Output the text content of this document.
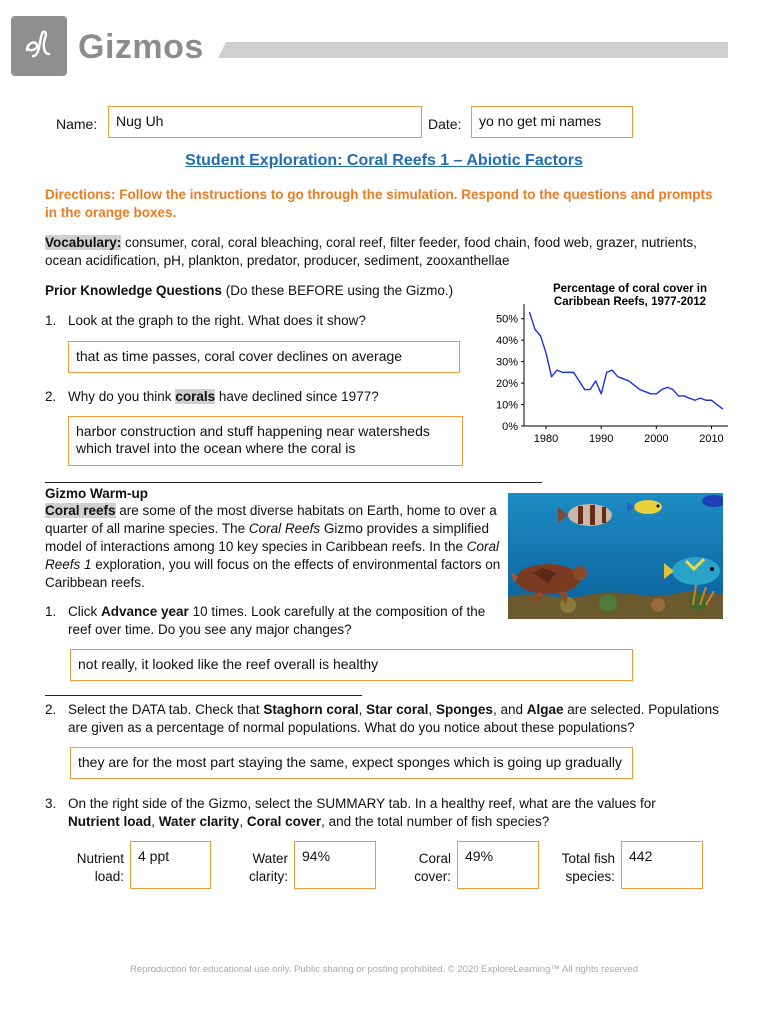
Gizmos
Name:	Nug Uh	Date:	yo no get mi names
Student Exploration: Coral Reefs 1 – Abiotic Factors
Directions: Follow the instructions to go through the simulation. Respond to the questions and prompts in the orange boxes.
Vocabulary: consumer, coral, coral bleaching, coral reef, filter feeder, food chain, food web, grazer, nutrients, ocean acidification, pH, plankton, predator, producer, sediment, zooxanthellae
Prior Knowledge Questions (Do these BEFORE using the Gizmo.)
1. Look at the graph to the right. What does it show?
that as time passes, coral cover declines on average
2. Why do you think corals have declined since 1977?
harbor construction and stuff happening near watersheds which travel into the ocean where the coral is
Percentage of coral cover in
Caribbean Reefs, 1977-2012
0%
10%
20%
30%
40%
50%
1980	1990	2000	2010
Gizmo Warm-up
Coral reefs are some of the most diverse habitats on Earth, home to over a quarter of all marine species. The Coral Reefs Gizmo provides a simplified model of interactions among 10 key species in Caribbean reefs. In the Coral Reefs 1 exploration, you will focus on the effects of environmental factors on Caribbean reefs.
1. Click Advance year 10 times. Look carefully at the composition of the reef over time. Do you see any major changes?
not really, it looked like the reef overall is healthy
2. Select the DATA tab. Check that Staghorn coral, Star coral, Sponges, and Algae are selected. Populations are given as a percentage of normal populations. What do you notice about these populations?
they are for the most part staying the same, expect sponges which is going up gradually
3. On the right side of the Gizmo, select the SUMMARY tab. In a healthy reef, what are the values for Nutrient load, Water clarity, Coral cover, and the total number of fish species?
Nutrient
load:
4 ppt	Water
clarity:
94%	Coral
cover:
49%	Total fish
species:
442
Reproduction for educational use only. Public sharing or posting prohibited. © 2020 ExploreLearning™ All rights reserved
